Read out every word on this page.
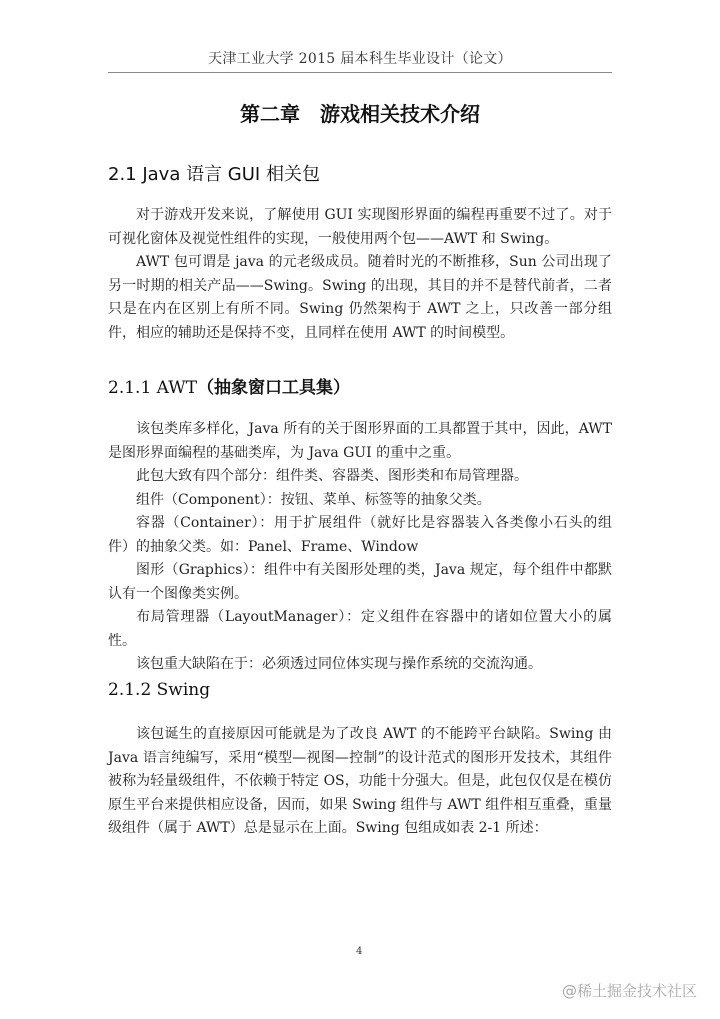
天津工业大学 2015 届本科生毕业设计（论文）
第二章　游戏相关技术介绍
2.1 Java 语言 GUI 相关包

对于游戏开发来说，了解使用 GUI 实现图形界面的编程再重要不过了。对于可视化窗体及视觉性组件的实现，一般使用两个包——AWT 和 Swing。

AWT 包可谓是 java 的元老级成员。随着时光的不断推移，Sun 公司出现了另一时期的相关产品——Swing。Swing 的出现，其目的并不是替代前者，二者只是在内在区别上有所不同。Swing 仍然架构于 AWT 之上，只改善一部分组件，相应的辅助还是保持不变，且同样在使用 AWT 的时间模型。

2.1.1 AWT（抽象窗口工具集）

该包类库多样化，Java 所有的关于图形界面的工具都置于其中，因此，AWT 是图形界面编程的基础类库，为 Java GUI 的重中之重。

此包大致有四个部分：组件类、容器类、图形类和布局管理器。

组件（Component）：按钮、菜单、标签等的抽象父类。

容器（Container）：用于扩展组件（就好比是容器装入各类像小石头的组件）的抽象父类。如：Panel、Frame、Window

图形（Graphics）：组件中有关图形处理的类，Java 规定，每个组件中都默认有一个图像类实例。

布局管理器（LayoutManager）：定义组件在容器中的诸如位置大小的属性。

该包重大缺陷在于：必须透过同位体实现与操作系统的交流沟通。

2.1.2 Swing

该包诞生的直接原因可能就是为了改良 AWT 的不能跨平台缺陷。Swing 由 Java 语言纯编写，采用“模型—视图—控制”的设计范式的图形开发技术，其组件被称为轻量级组件，不依赖于特定 OS，功能十分强大。但是，此包仅仅是在模仿原生平台来提供相应设备，因而，如果 Swing 组件与 AWT 组件相互重叠，重量级组件（属于 AWT）总是显示在上面。Swing 包组成如表 2-1 所述：

4
@稀土掘金技术社区
